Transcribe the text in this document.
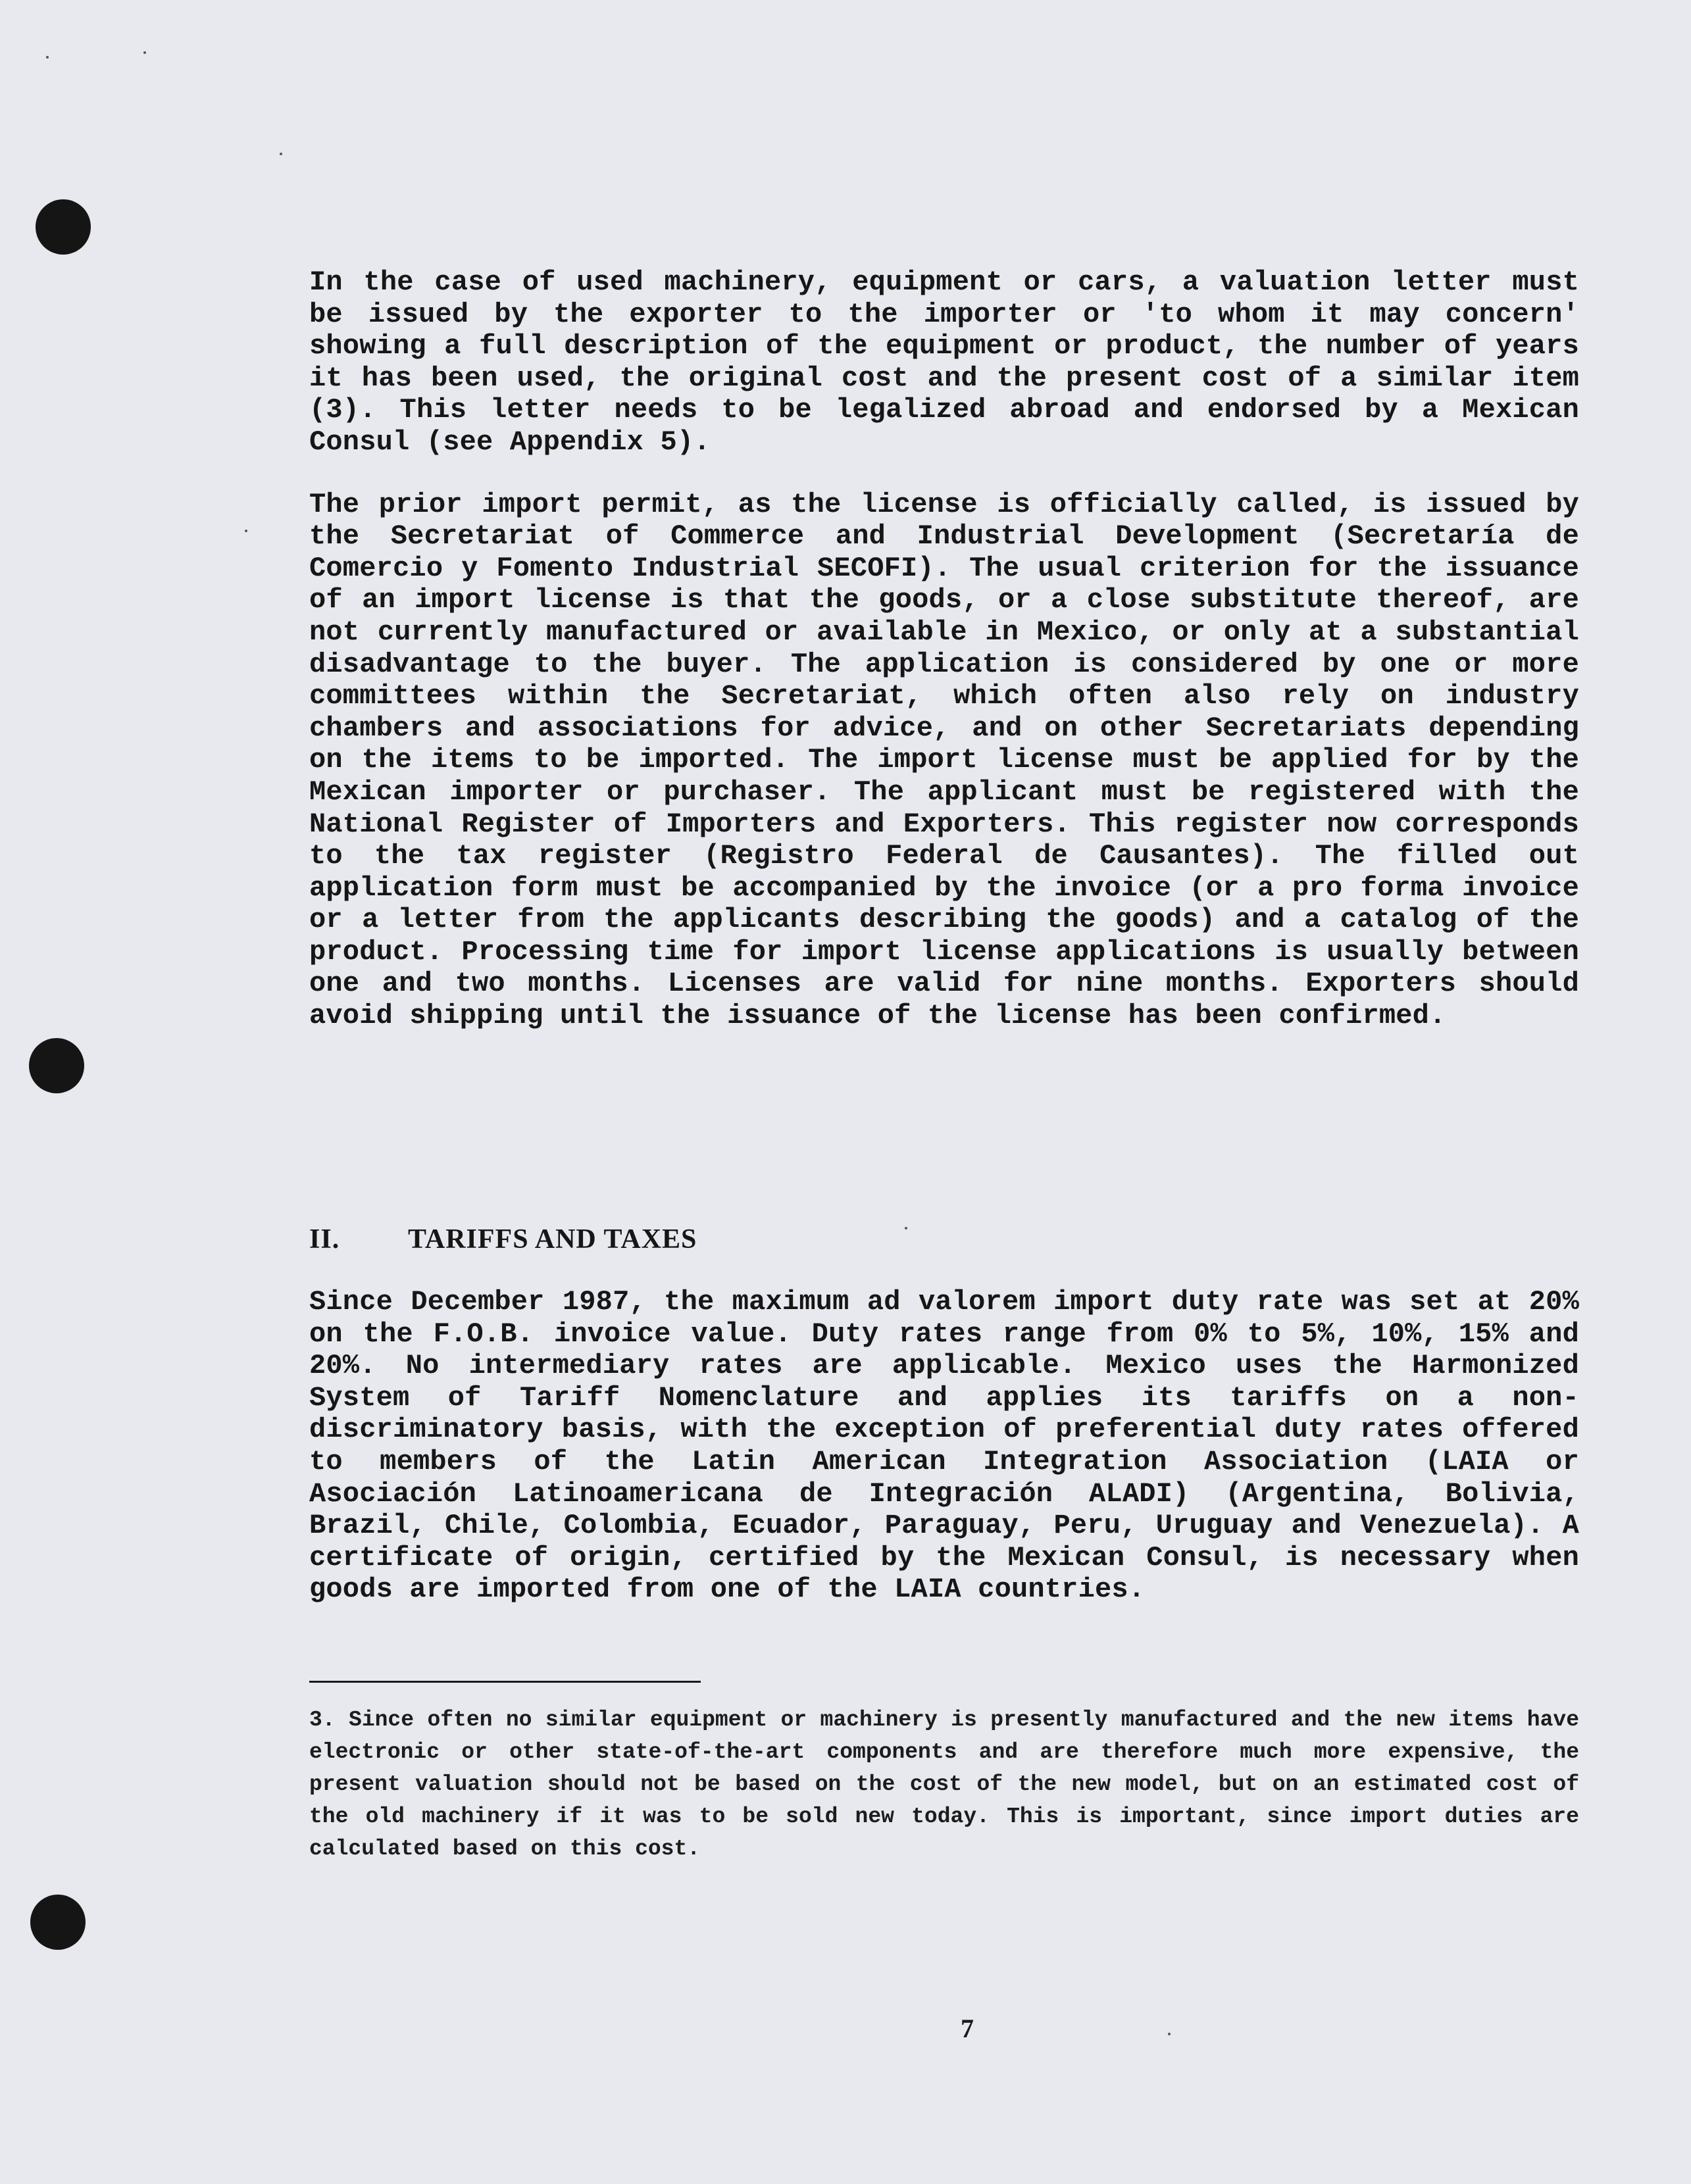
In the case of used machinery, equipment or cars, a valuation letter must be issued by the exporter to the importer or 'to whom it may concern' showing a full description of the equipment or product, the number of years it has been used, the original cost and the present cost of a similar item (3). This letter needs to be legalized abroad and endorsed by a Mexican Consul (see Appendix 5).

The prior import permit, as the license is officially called, is issued by the Secretariat of Commerce and Industrial Development (Secretaría de Comercio y Fomento Industrial SECOFI). The usual criterion for the issuance of an import license is that the goods, or a close substitute thereof, are not currently manufactured or available in Mexico, or only at a substantial disadvantage to the buyer. The application is considered by one or more committees within the Secretariat, which often also rely on industry chambers and associations for advice, and on other Secretariats depending on the items to be imported. The import license must be applied for by the Mexican importer or purchaser. The applicant must be registered with the National Register of Importers and Exporters. This register now corresponds to the tax register (Registro Federal de Causantes). The filled out application form must be accompanied by the invoice (or a pro forma invoice or a letter from the applicants describing the goods) and a catalog of the product. Processing time for import license applications is usually between one and two months. Licenses are valid for nine months. Exporters should avoid shipping until the issuance of the license has been confirmed.

II. TARIFFS AND TAXES

Since December 1987, the maximum ad valorem import duty rate was set at 20% on the F.O.B. invoice value. Duty rates range from 0% to 5%, 10%, 15% and 20%. No intermediary rates are applicable. Mexico uses the Harmonized System of Tariff Nomenclature and applies its tariffs on a non-discriminatory basis, with the exception of preferential duty rates offered to members of the Latin American Integration Association (LAIA or Asociación Latinoamericana de Integración ALADI) (Argentina, Bolivia, Brazil, Chile, Colombia, Ecuador, Paraguay, Peru, Uruguay and Venezuela). A certificate of origin, certified by the Mexican Consul, is necessary when goods are imported from one of the LAIA countries.

3. Since often no similar equipment or machinery is presently manufactured and the new items have electronic or other state-of-the-art components and are therefore much more expensive, the present valuation should not be based on the cost of the new model, but on an estimated cost of the old machinery if it was to be sold new today. This is important, since import duties are calculated based on this cost.

7
